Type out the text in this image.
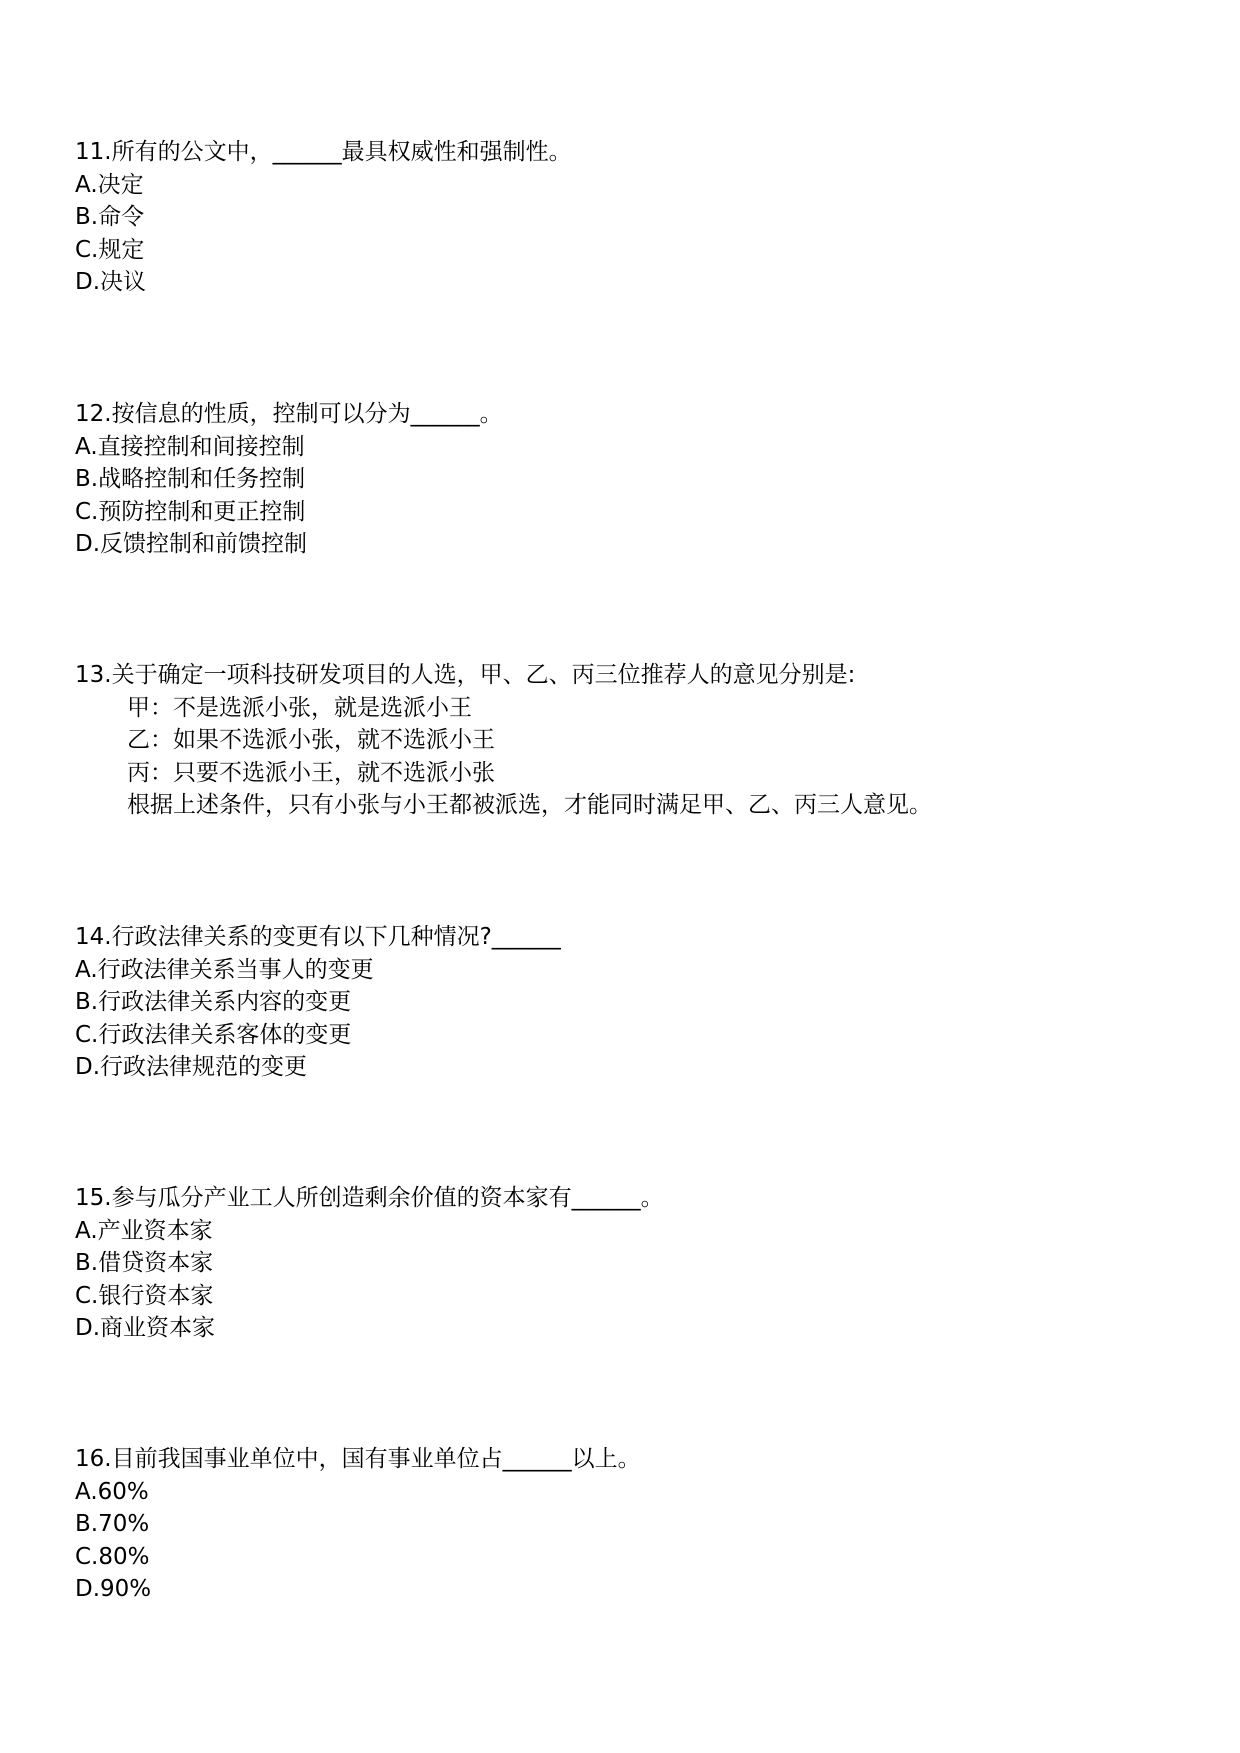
11.所有的公文中，______最具权威性和强制性。
A.决定
B.命令
C.规定
D.决议
12.按信息的性质，控制可以分为______。
A.直接控制和间接控制
B.战略控制和任务控制
C.预防控制和更正控制
D.反馈控制和前馈控制
13.关于确定一项科技研发项目的人选，甲、乙、丙三位推荐人的意见分别是:
甲：不是选派小张，就是选派小王
乙：如果不选派小张，就不选派小王
丙：只要不选派小王，就不选派小张
根据上述条件，只有小张与小王都被派选，才能同时满足甲、乙、丙三人意见。
14.行政法律关系的变更有以下几种情况?______
A.行政法律关系当事人的变更
B.行政法律关系内容的变更
C.行政法律关系客体的变更
D.行政法律规范的变更
15.参与瓜分产业工人所创造剩余价值的资本家有______。
A.产业资本家
B.借贷资本家
C.银行资本家
D.商业资本家
16.目前我国事业单位中，国有事业单位占______以上。
A.60%
B.70%
C.80%
D.90%
